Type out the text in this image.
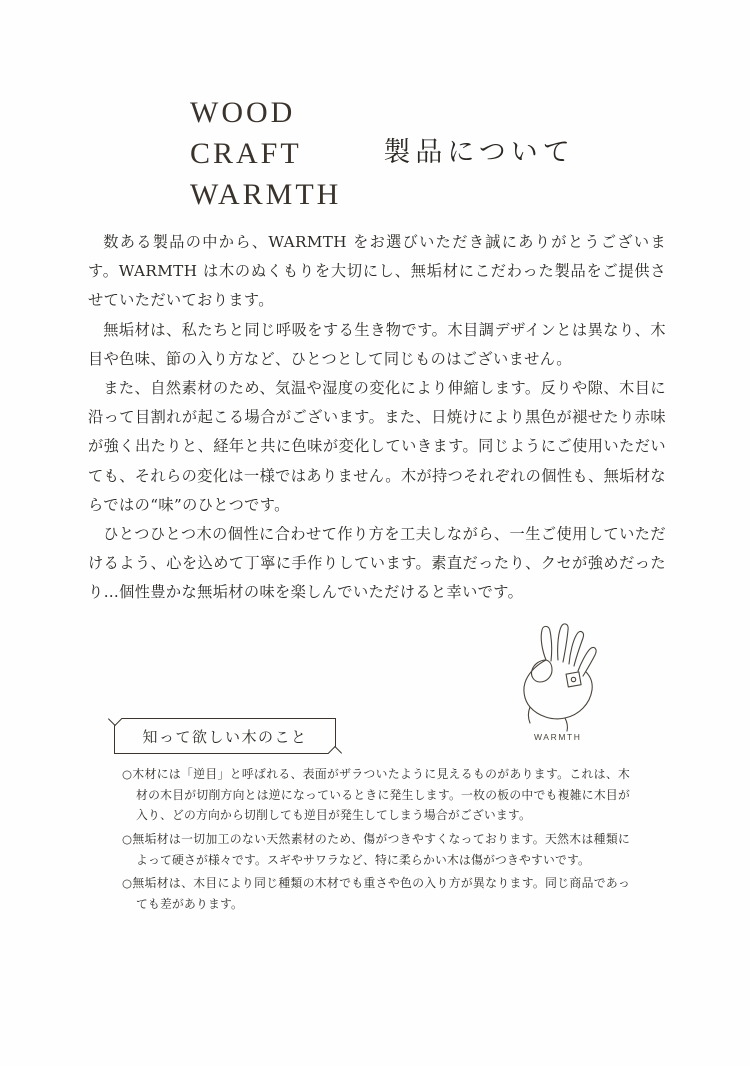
WOOD
CRAFT
WARMTH
製品について

数ある製品の中から、WARMTH をお選びいただき誠にありがとうございます。WARMTH は木のぬくもりを大切にし、無垢材にこだわった製品をご提供させていただいております。

無垢材は、私たちと同じ呼吸をする生き物です。木目調デザインとは異なり、木目や色味、節の入り方など、ひとつとして同じものはございません。

また、自然素材のため、気温や湿度の変化により伸縮します。反りや隙、木目に沿って目割れが起こる場合がございます。また、日焼けにより黒色が褪せたり赤味が強く出たりと、経年と共に色味が変化していきます。同じようにご使用いただいても、それらの変化は一様ではありません。木が持つそれぞれの個性も、無垢材ならではの“味”のひとつです。

ひとつひとつ木の個性に合わせて作り方を工夫しながら、一生ご使用していただけるよう、心を込めて丁寧に手作りしています。素直だったり、クセが強めだったり…個性豊かな無垢材の味を楽しんでいただけると幸いです。

WARMTH
知って欲しい木のこと
○木材には「逆目」と呼ばれる、表面がザラついたように見えるものがあります。これは、木材の木目が切削方向とは逆になっているときに発生します。一枚の板の中でも複雑に木目が入り、どの方向から切削しても逆目が発生してしまう場合がございます。
○無垢材は一切加工のない天然素材のため、傷がつきやすくなっております。天然木は種類によって硬さが様々です。スギやサワラなど、特に柔らかい木は傷がつきやすいです。
○無垢材は、木目により同じ種類の木材でも重さや色の入り方が異なります。同じ商品であっても差があります。
